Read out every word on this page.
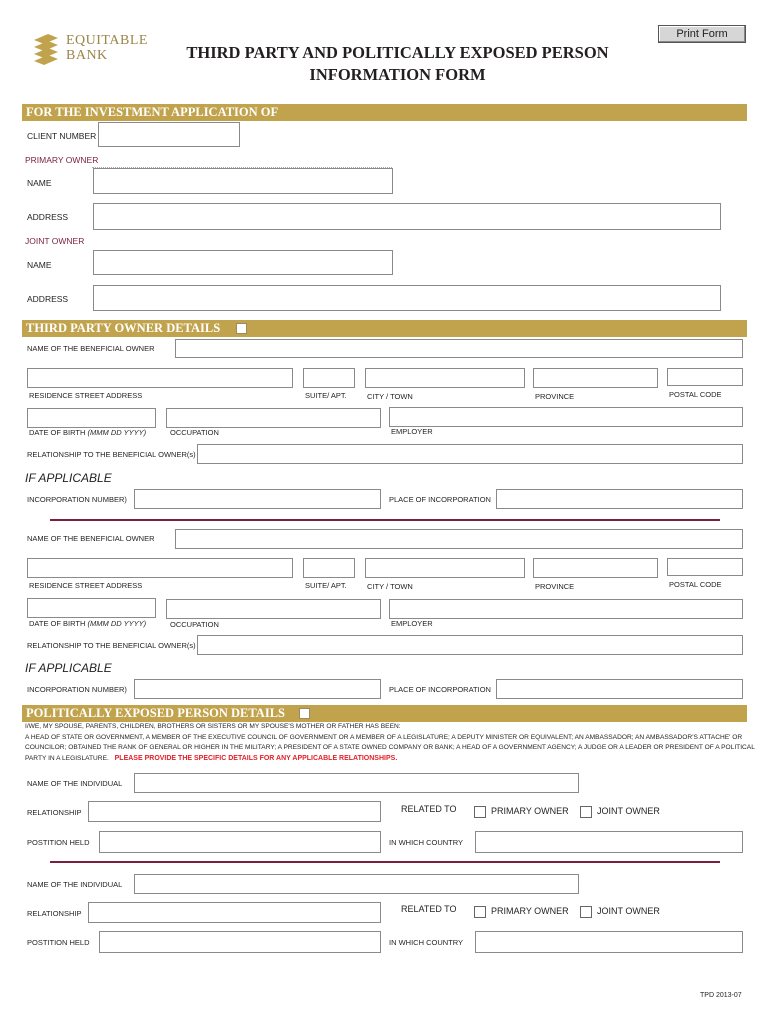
Print Form
EQUITABLE
BANK	THIRD PARTY AND POLITICALLY EXPOSED PERSON
INFORMATION FORM
FOR THE INVESTMENT APPLICATION OF
CLIENT NUMBER
PRIMARY OWNER
NAME
ADDRESS
JOINT OWNER
NAME
ADDRESS
THIRD PARTY OWNER DETAILS
NAME OF THE BENEFICIAL OWNER
RESIDENCE STREET ADDRESS	SUITE/ APT.	CITY / TOWN	PROVINCE	POSTAL CODE
DATE OF BIRTH (MMM DD YYYY)	OCCUPATION	EMPLOYER
RELATIONSHIP TO THE BENEFICIAL OWNER(s)
IF APPLICABLE
INCORPORATION NUMBER)	PLACE OF INCORPORATION
NAME OF THE BENEFICIAL OWNER
RESIDENCE STREET ADDRESS	SUITE/ APT.	CITY / TOWN	PROVINCE	POSTAL CODE
DATE OF BIRTH (MMM DD YYYY)	OCCUPATION	EMPLOYER
RELATIONSHIP TO THE BENEFICIAL OWNER(s)
IF APPLICABLE
INCORPORATION NUMBER)	PLACE OF INCORPORATION
POLITICALLY EXPOSED PERSON DETAILS
I/WE, MY SPOUSE, PARENTS, CHILDREN, BROTHERS OR SISTERS OR MY SPOUSE'S MOTHER OR FATHER HAS BEEN:
A HEAD OF STATE OR GOVERNMENT, A MEMBER OF THE EXECUTIVE COUNCIL OF GOVERNMENT OR A MEMBER OF A LEGISLATURE; A DEPUTY MINISTER OR EQUIVALENT; AN AMBASSADOR; AN AMBASSADOR'S ATTACHE' OR
COUNCILOR; OBTAINED THE RANK OF GENERAL OR HIGHER IN THE MILITARY; A PRESIDENT OF A STATE OWNED COMPANY OR BANK; A HEAD OF A GOVERNMENT AGENCY; A JUDGE OR A LEADER OR PRESIDENT OF A POLITICAL
PARTY IN A LEGISLATURE. PLEASE PROVIDE THE SPECIFIC DETAILS FOR ANY APPLICABLE RELATIONSHIPS.
NAME OF THE INDIVIDUAL
RELATIONSHIP	RELATED TO	PRIMARY OWNER	JOINT OWNER
POSTITION HELD	IN WHICH COUNTRY
NAME OF THE INDIVIDUAL
RELATIONSHIP	RELATED TO	PRIMARY OWNER	JOINT OWNER
POSTITION HELD	IN WHICH COUNTRY
TPD 2013-07
